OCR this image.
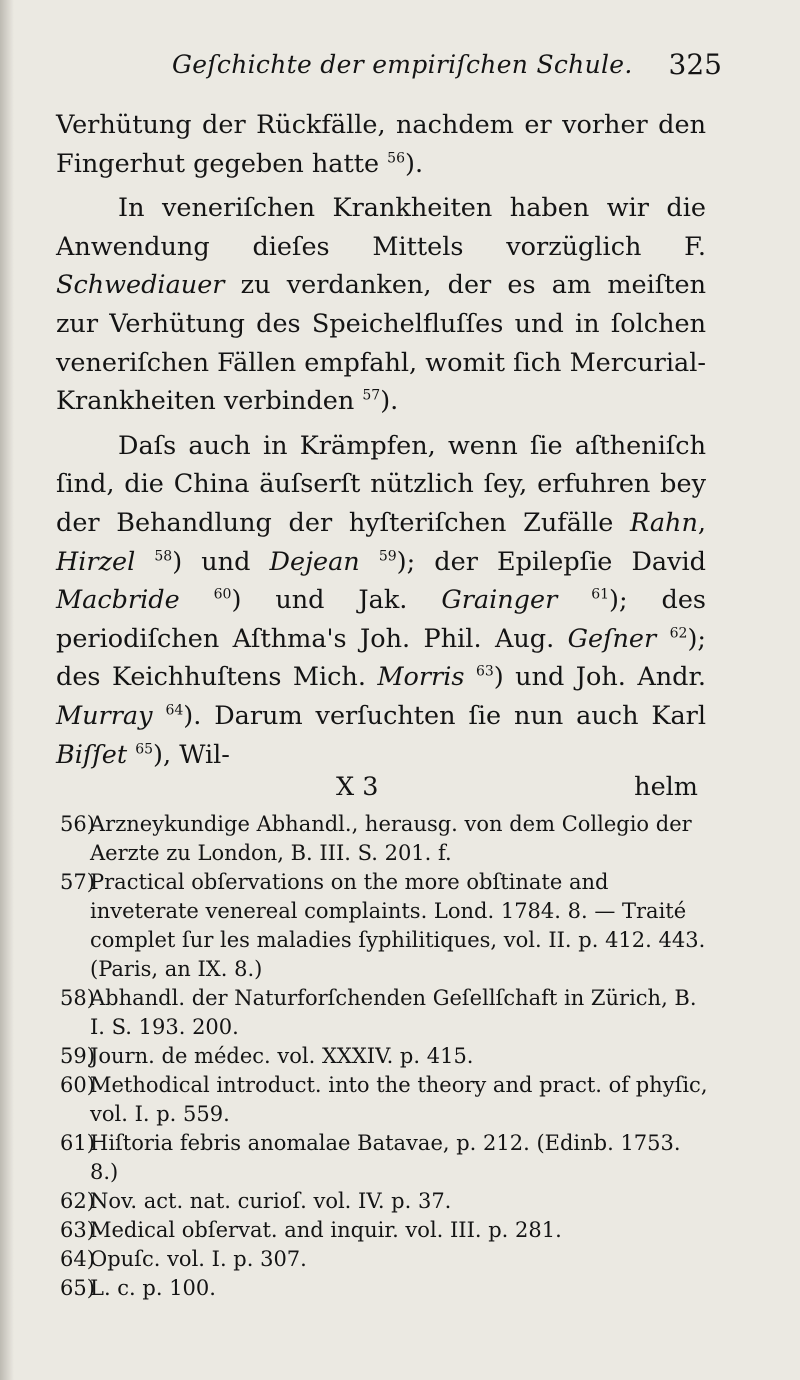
Geſchichte der empiriſchen Schule. 325

Verhütung der Rückfälle, nachdem er vorher den Fingerhut gegeben hatte $^{56}$).

In veneriſchen Krankheiten haben wir die Anwendung dieſes Mittels vorzüglich F. Schwediauer zu verdanken, der es am meiſten zur Verhütung des Speichelfluſſes und in ſolchen veneriſchen Fällen empfahl, womit ſich Mercurial-Krankheiten verbinden $^{57}$).

Daſs auch in Krämpfen, wenn ſie aſtheniſch ſind, die China äuſserſt nützlich ſey, erfuhren bey der Behandlung der hyſteriſchen Zufälle Rahn, Hirzel $^{58}$) und Dejean $^{59}$); der Epilepſie David Macbride $^{60}$) und Jak. Grainger $^{61}$); des periodiſchen Aſthma's Joh. Phil. Aug. Geſner $^{62}$); des Keichhuſtens Mich. Morris $^{63}$) und Joh. Andr. Murray $^{64}$). Darum verſuchten ſie nun auch Karl Biſſet $^{65}$), Wil-

X 3	helm
56)Arzneykundige Abhandl., herausg. von dem Collegio der Aerzte zu London, B. III. S. 201. f.
57)Practical obſervations on the more obſtinate and inveterate venereal complaints. Lond. 1784. 8. — Traité complet ſur les maladies ſyphilitiques, vol. II. p. 412. 443. (Paris, an IX. 8.)
58)Abhandl. der Naturforſchenden Geſellſchaft in Zürich, B. I. S. 193. 200.
59)Journ. de médec. vol. XXXIV. p. 415.
60)Methodical introduct. into the theory and pract. of phyſic, vol. I. p. 559.
61)Hiſtoria febris anomalae Batavae, p. 212. (Edinb. 1753. 8.)
62)Nov. act. nat. curioſ. vol. IV. p. 37.
63)Medical obſervat. and inquir. vol. III. p. 281.
64)Opuſc. vol. I. p. 307.
65)L. c. p. 100.
